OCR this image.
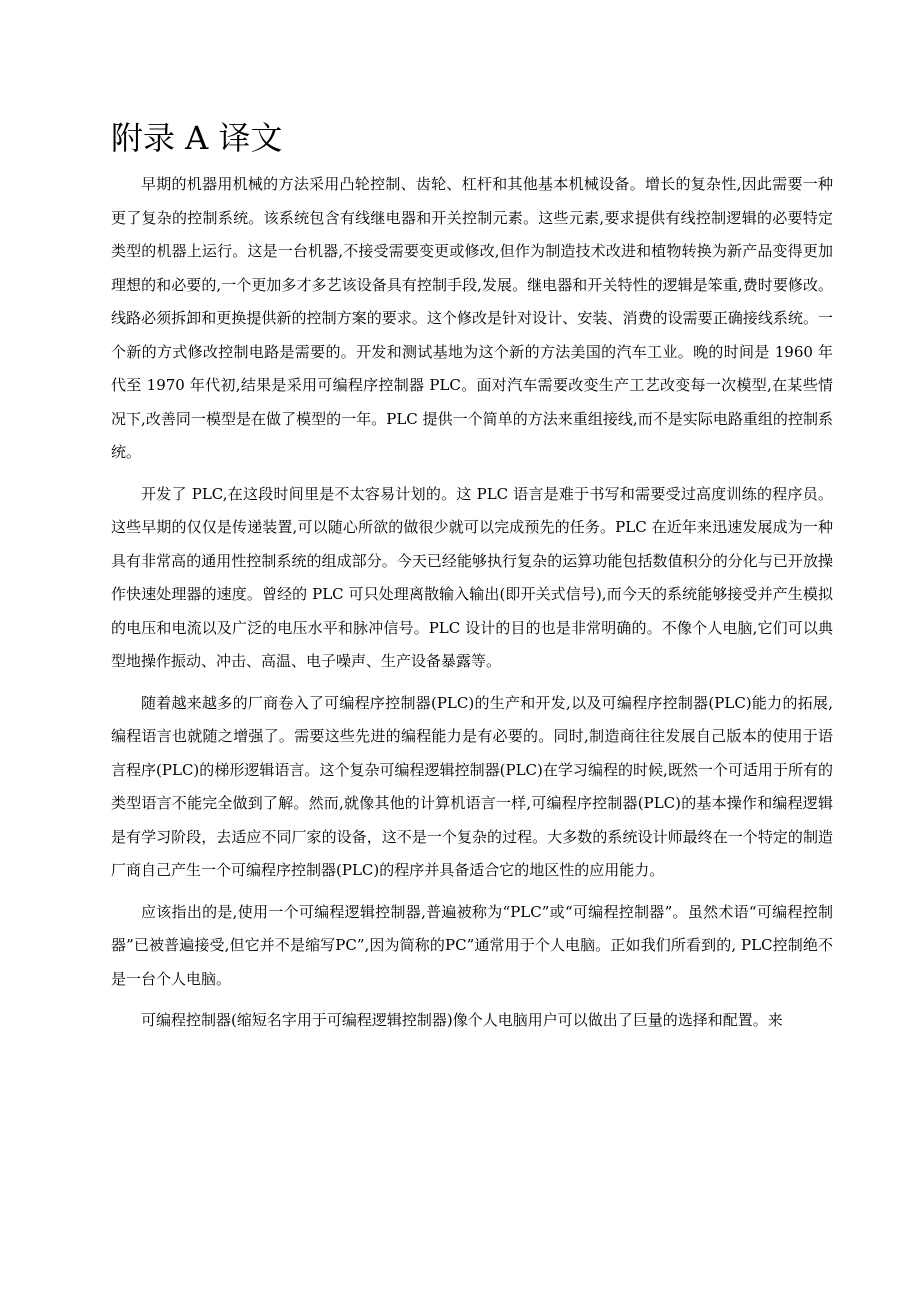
附录 A 译文

早期的机器用机械的方法采用凸轮控制、齿轮、杠杆和其他基本机械设备。增长的复杂性,因此需要一种更了复杂的控制系统。该系统包含有线继电器和开关控制元素。这些元素,要求提供有线控制逻辑的必要特定类型的机器上运行。这是一台机器,不接受需要变更或修改,但作为制造技术改进和植物转换为新产品变得更加理想的和必要的,一个更加多才多艺该设备具有控制手段,发展。继电器和开关特性的逻辑是笨重,费时要修改。线路必须拆卸和更换提供新的控制方案的要求。这个修改是针对设计、安装、消费的设需要正确接线系统。一个新的方式修改控制电路是需要的。开发和测试基地为这个新的方法美国的汽车工业。晚的时间是 1960 年代至 1970 年代初,结果是采用可编程序控制器 PLC。面对汽车需要改变生产工艺改变每一次模型,在某些情况下,改善同一模型是在做了模型的一年。PLC 提供一个简单的方法来重组接线,而不是实际电路重组的控制系统。

开发了 PLC,在这段时间里是不太容易计划的。这 PLC 语言是难于书写和需要受过高度训练的程序员。这些早期的仅仅是传递装置,可以随心所欲的做很少就可以完成预先的任务。PLC 在近年来迅速发展成为一种具有非常高的通用性控制系统的组成部分。今天已经能够执行复杂的运算功能包括数值积分的分化与已开放操作快速处理器的速度。曾经的 PLC 可只处理离散输入输出(即开关式信号),而今天的系统能够接受并产生模拟的电压和电流以及广泛的电压水平和脉冲信号。PLC 设计的目的也是非常明确的。不像个人电脑,它们可以典型地操作振动、冲击、高温、电子噪声、生产设备暴露等。

随着越来越多的厂商卷入了可编程序控制器(PLC)的生产和开发,以及可编程序控制器(PLC)能力的拓展,编程语言也就随之增强了。需要这些先进的编程能力是有必要的。同时,制造商往往发展自己版本的使用于语言程序(PLC)的梯形逻辑语言。这个复杂可编程逻辑控制器(PLC)在学习编程的时候,既然一个可适用于所有的类型语言不能完全做到了解。然而,就像其他的计算机语言一样,可编程序控制器(PLC)的基本操作和编程逻辑是有学习阶段，去适应不同厂家的设备，这不是一个复杂的过程。大多数的系统设计师最终在一个特定的制造厂商自己产生一个可编程序控制器(PLC)的程序并具备适合它的地区性的应用能力。

应该指出的是,使用一个可编程逻辑控制器,普遍被称为“PLC”或“可编程控制器”。虽然术语“可编程控制器”已被普遍接受,但它并不是缩写PC”,因为简称的PC”通常用于个人电脑。正如我们所看到的, PLC控制绝不是一台个人电脑。

可编程控制器(缩短名字用于可编程逻辑控制器)像个人电脑用户可以做出了巨量的选择和配置。来
